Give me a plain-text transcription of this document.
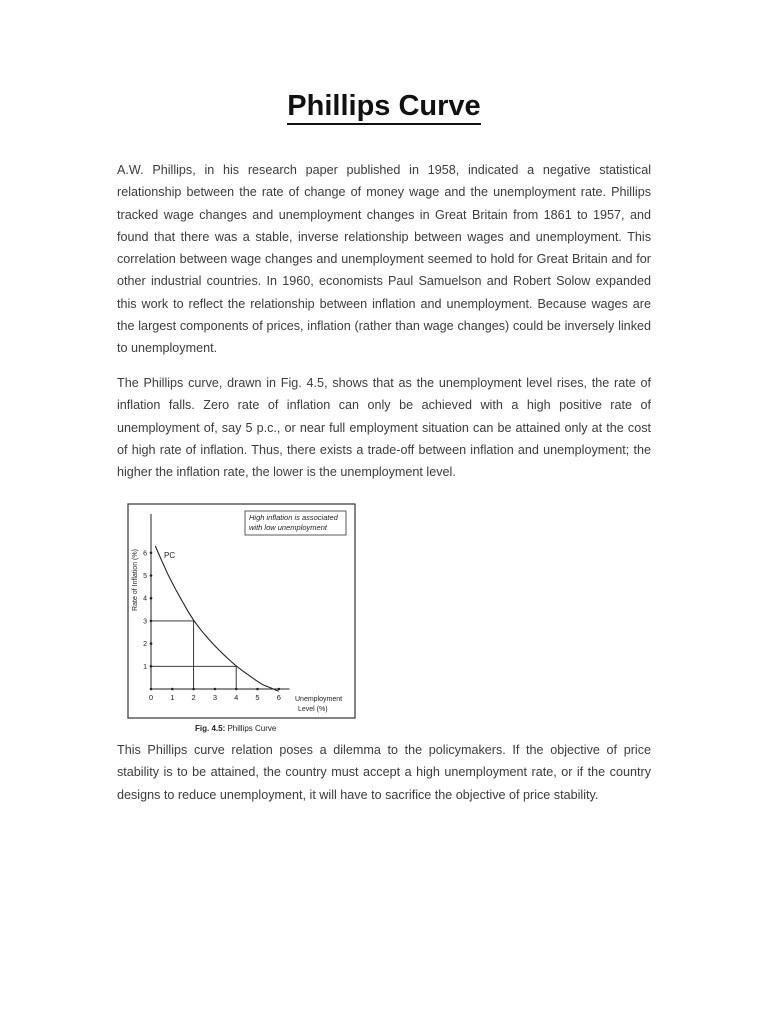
Phillips Curve

A.W. Phillips, in his research paper published in 1958, indicated a negative statistical relationship between the rate of change of money wage and the unemployment rate. Phillips tracked wage changes and unemployment changes in Great Britain from 1861 to 1957, and found that there was a stable, inverse relationship between wages and unemployment. This correlation between wage changes and unemployment seemed to hold for Great Britain and for other industrial countries. In 1960, economists Paul Samuelson and Robert Solow expanded this work to reflect the relationship between inflation and unemployment. Because wages are the largest components of prices, inflation (rather than wage changes) could be inversely linked to unemployment.

The Phillips curve, drawn in Fig. 4.5, shows that as the unemployment level rises, the rate of inflation falls. Zero rate of inflation can only be achieved with a high positive rate of unemployment of, say 5 p.c., or near full employment situation can be attained only at the cost of high rate of inflation. Thus, there exists a trade-off between inflation and unemployment; the higher the inflation rate, the lower is the unemployment level.

0 1 2 3 4 5 6
1
2
3
4
5
6
High inflation is associated
with low unemployment
Rate of Inflation (%)
Unemployment
Level (%)
PC
Fig. 4.5: Phillips Curve

This Phillips curve relation poses a dilemma to the policymakers. If the objective of price stability is to be attained, the country must accept a high unemployment rate, or if the country designs to reduce unemployment, it will have to sacrifice the objective of price stability.
